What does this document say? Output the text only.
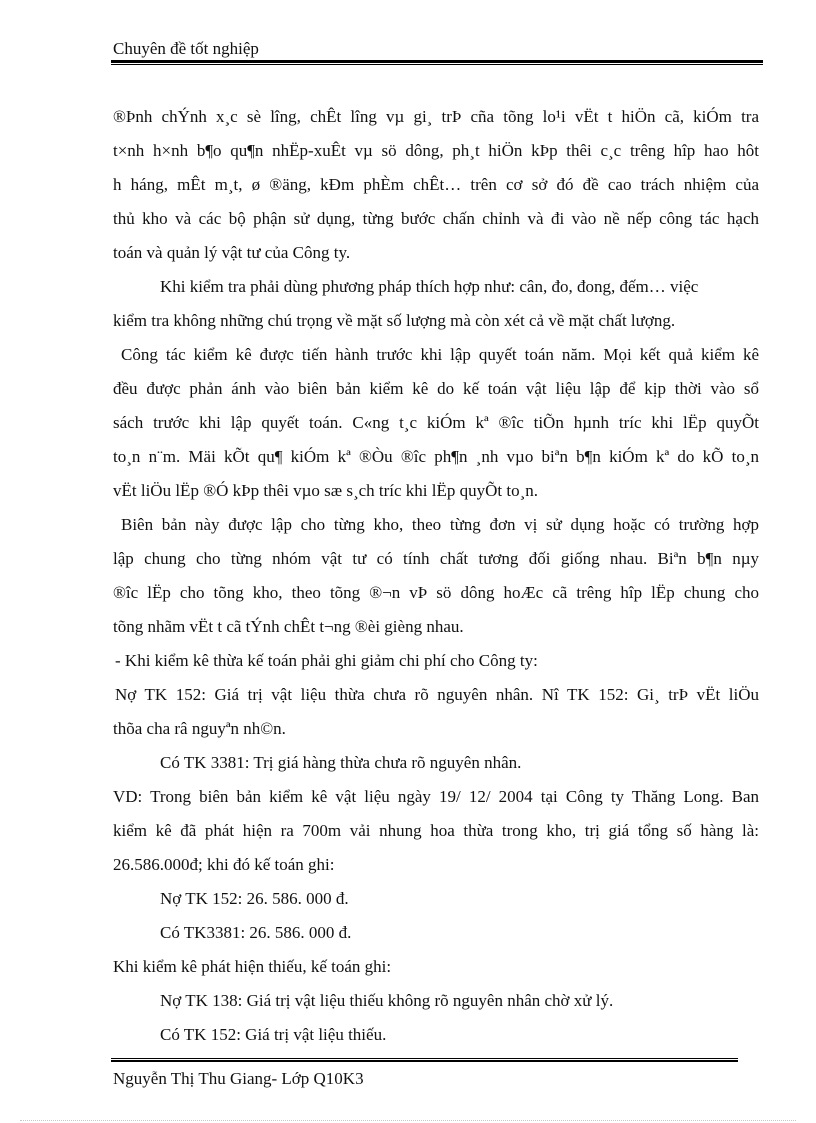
Chuyên đề tốt nghiệp
®Þnh chÝnh x¸c sè lîng, chÊt lîng vµ gi¸ trÞ cña tõng lo¹i vËt t hiÖn cã, kiÓm tra
t×nh h×nh b¶o qu¶n nhËp-xuÊt vµ sö dông, ph¸t hiÖn kÞp thêi c¸c trêng hîp hao hôt
h háng, mÊt m¸t, ø ®äng, kÐm phÈm chÊt… trên cơ sở đó đề cao trách nhiệm của
thủ kho và các bộ phận sử dụng, từng bước chấn chỉnh và đi vào nề nếp công tác hạch
toán và quản lý vật tư của Công ty.
Khi kiểm tra phải dùng phương pháp thích hợp như: cân, đo, đong, đếm… việc
kiểm tra không những chú trọng về mặt số lượng mà còn xét cả về mặt chất lượng.
Công tác kiểm kê được tiến hành trước khi lập quyết toán năm. Mọi kết quả kiểm kê
đều được phản ánh vào biên bản kiểm kê do kế toán vật liệu lập để kịp thời vào sổ
sách trước khi lập quyết toán. C«ng t¸c kiÓm kª ®îc tiÕn hµnh tríc khi lËp quyÕt
to¸n n¨m. Mäi kÕt qu¶ kiÓm kª ®Òu ®îc ph¶n ¸nh vµo biªn b¶n kiÓm kª do kÕ to¸n
vËt liÖu lËp ®Ó kÞp thêi vµo sæ s¸ch tríc khi lËp quyÕt to¸n.
Biên bản này được lập cho từng kho, theo từng đơn vị sử dụng hoặc có trường hợp
lập chung cho từng nhóm vật tư có tính chất tương đối giống nhau. Biªn b¶n nµy
®îc lËp cho tõng kho, theo tõng ®¬n vÞ sö dông hoÆc cã trêng hîp lËp chung cho
tõng nhãm vËt t cã tÝnh chÊt t¬ng ®èi gièng nhau.
- Khi kiểm kê thừa kế toán phải ghi giảm chi phí cho Công ty:
Nợ TK 152: Giá trị vật liệu thừa chưa rõ nguyên nhân. Nî TK 152: Gi¸ trÞ vËt liÖu
thõa cha râ nguyªn nh©n.
Có TK 3381: Trị giá hàng thừa chưa rõ nguyên nhân.
VD: Trong biên bản kiểm kê vật liệu ngày 19/ 12/ 2004 tại Công ty Thăng Long. Ban
kiểm kê đã phát hiện ra 700m vải nhung hoa thừa trong kho, trị giá tổng số hàng là:
26.586.000đ; khi đó kế toán ghi:
Nợ TK 152: 26. 586. 000 đ.
Có TK3381: 26. 586. 000 đ.
Khi kiểm kê phát hiện thiếu, kế toán ghi:
Nợ TK 138: Giá trị vật liệu thiếu không rõ nguyên nhân chờ xử lý.
Có TK 152: Giá trị vật liệu thiếu.
Nguyễn Thị Thu Giang- Lớp Q10K3
